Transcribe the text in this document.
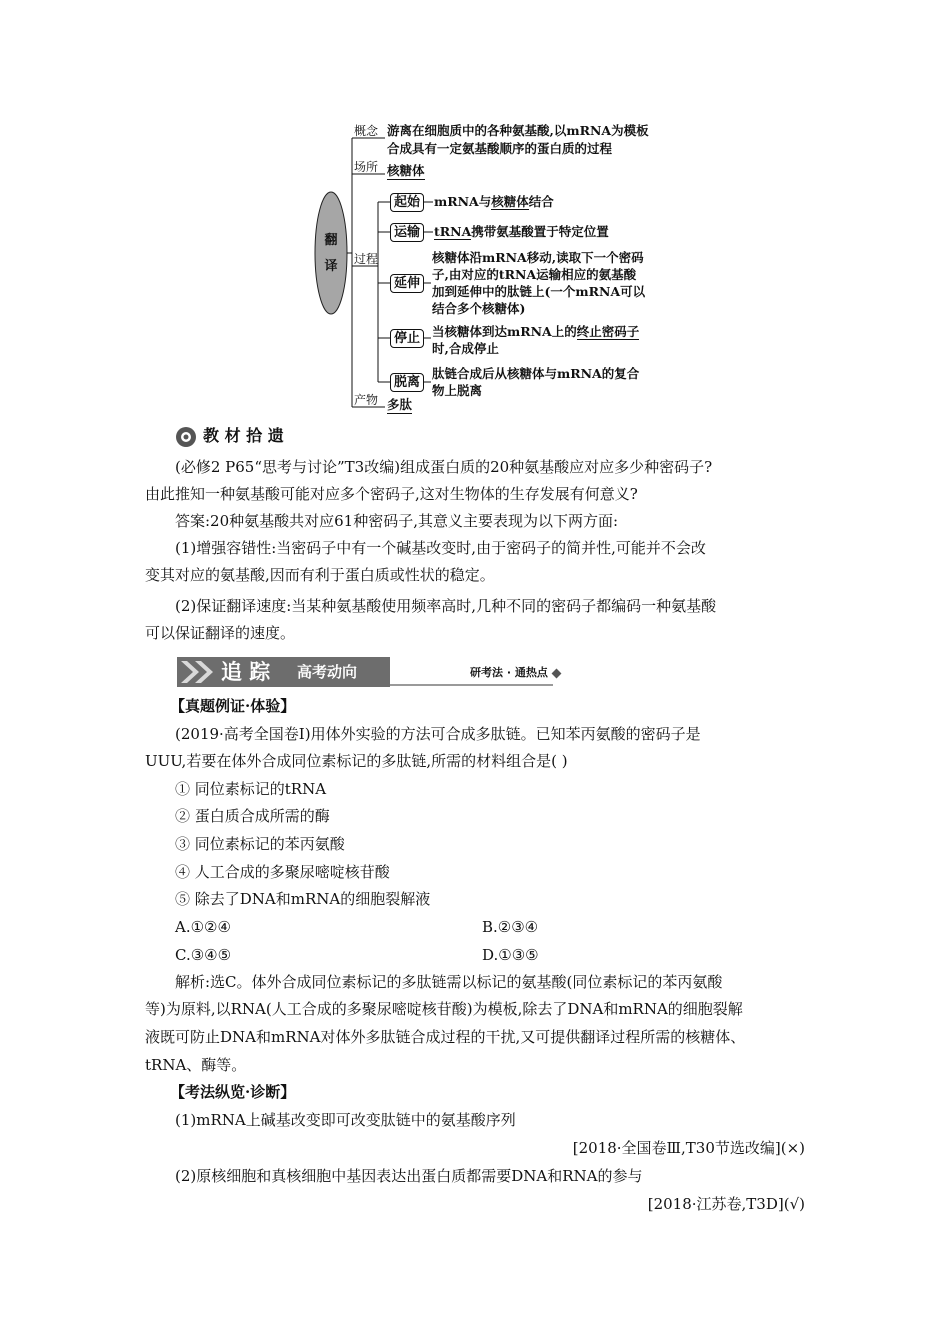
翻
译
概念 游离在细胞质中的各种氨基酸,以mRNA为模板
合成具有一定氨基酸顺序的蛋白质的过程
场所 核糖体
过程
起始	mRNA与核糖体结合
运输	tRNA携带氨基酸置于特定位置
延伸
核糖体沿mRNA移动,读取下一个密码
子,由对应的tRNA运输相应的氨基酸
加到延伸中的肽链上(一个mRNA可以
结合多个核糖体)
停止 当核糖体到达mRNA上的终止密码子
时,合成停止
脱离
肽链合成后从核糖体与mRNA的复合
物上脱离
产物 多肽
教 材 拾 遗
(必修2 P65“思考与讨论”T3改编)组成蛋白质的20种氨基酸应对应多少种密码子?
由此推知一种氨基酸可能对应多个密码子,这对生物体的生存发展有何意义?
答案:20种氨基酸共对应61种密码子,其意义主要表现为以下两方面:
(1)增强容错性:当密码子中有一个碱基改变时,由于密码子的简并性,可能并不会改
变其对应的氨基酸,因而有利于蛋白质或性状的稳定。
(2)保证翻译速度:当某种氨基酸使用频率高时,几种不同的密码子都编码一种氨基酸
可以保证翻译的速度。
追 踪 高考动向	研考法 · 通热点
【真题例证·体验】
(2019·高考全国卷Ⅰ)用体外实验的方法可合成多肽链。已知苯丙氨酸的密码子是
UUU,若要在体外合成同位素标记的多肽链,所需的材料组合是( )
① 同位素标记的tRNA
② 蛋白质合成所需的酶
③ 同位素标记的苯丙氨酸
④ 人工合成的多聚尿嘧啶核苷酸
⑤ 除去了DNA和mRNA的细胞裂解液
A.①②④	B.②③④
C.③④⑤	D.①③⑤
解析:选C。体外合成同位素标记的多肽链需以标记的氨基酸(同位素标记的苯丙氨酸
等)为原料,以RNA(人工合成的多聚尿嘧啶核苷酸)为模板,除去了DNA和mRNA的细胞裂解
液既可防止DNA和mRNA对体外多肽链合成过程的干扰,又可提供翻译过程所需的核糖体、
tRNA、酶等。
【考法纵览·诊断】
(1)mRNA上碱基改变即可改变肽链中的氨基酸序列
[2018·全国卷Ⅲ,T30节选改编](×)
(2)原核细胞和真核细胞中基因表达出蛋白质都需要DNA和RNA的参与
[2018·江苏卷,T3D](√)
